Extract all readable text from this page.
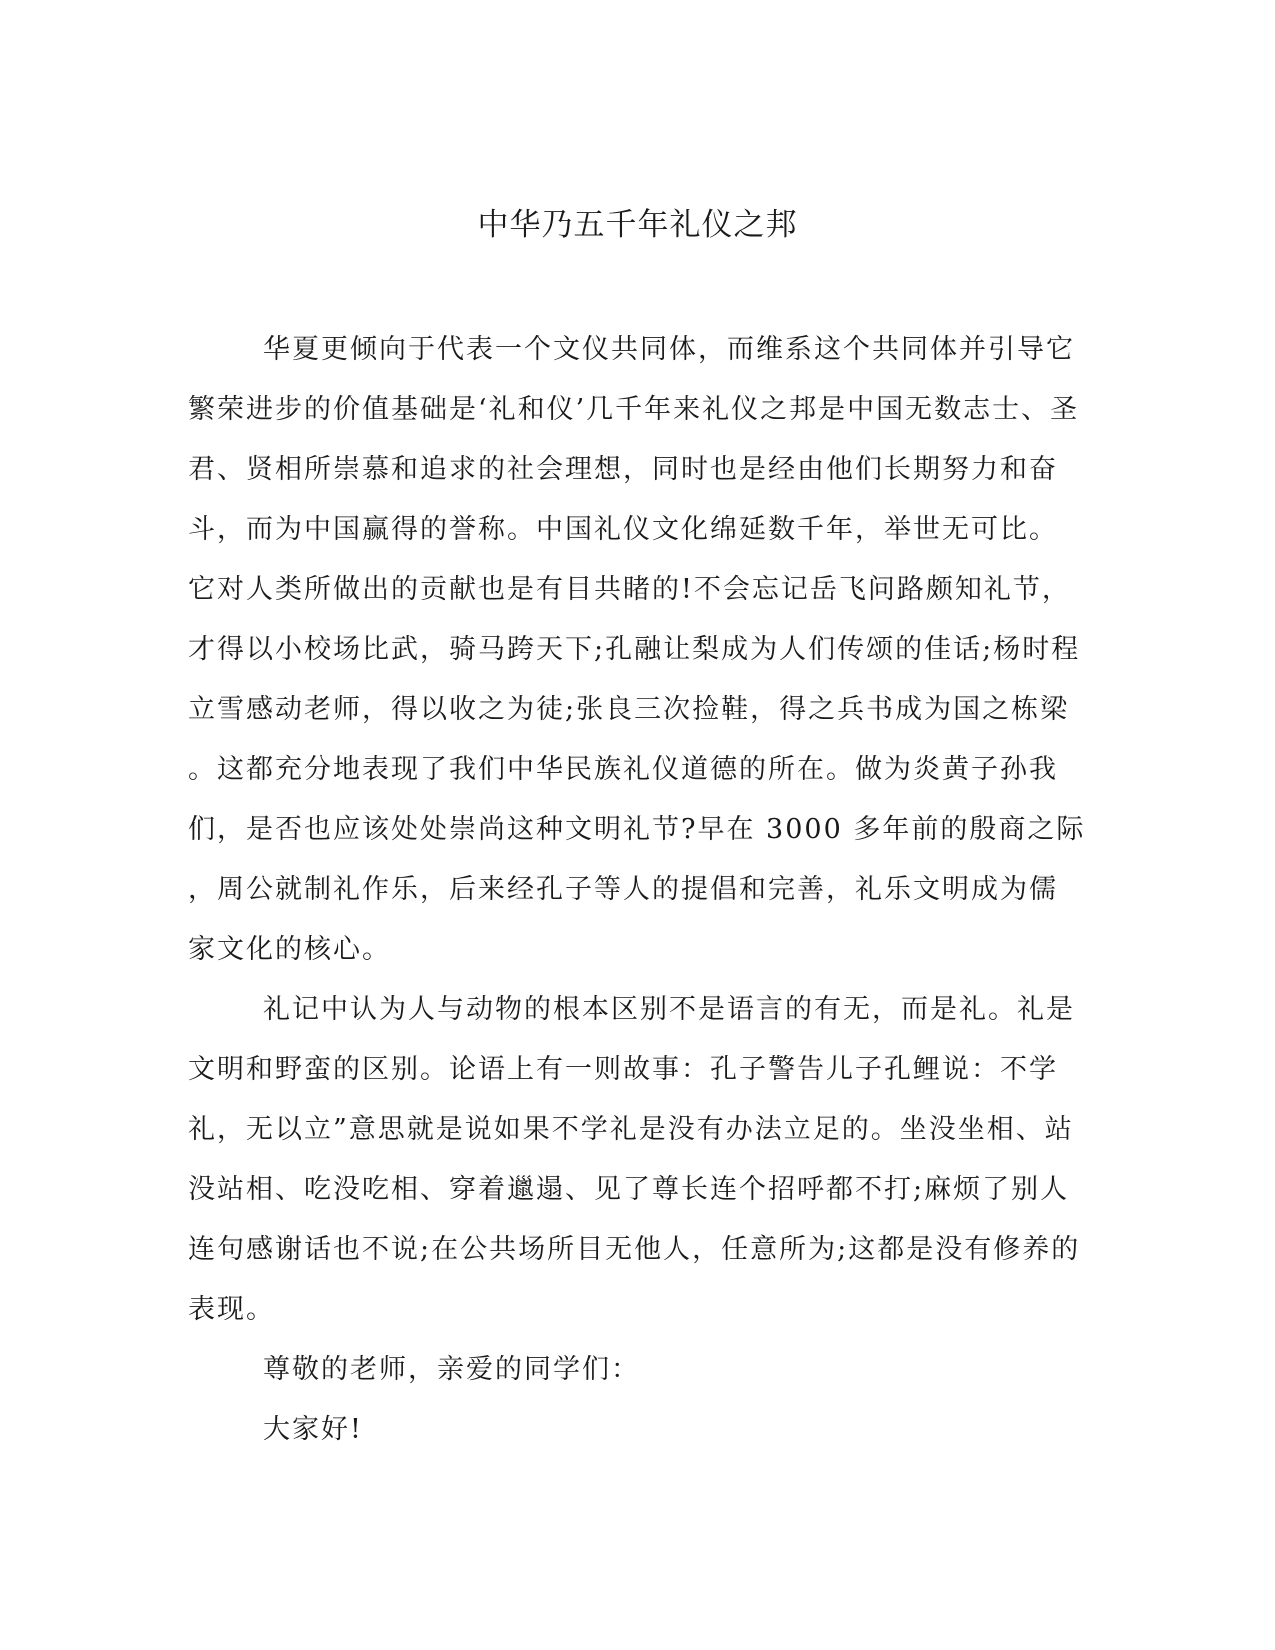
中华乃五千年礼仪之邦

华夏更倾向于代表一个文仪共同体，而维系这个共同体并引导它

繁荣进步的价值基础是‘礼和仪’几千年来礼仪之邦是中国无数志士、圣

君、贤相所崇慕和追求的社会理想，同时也是经由他们长期努力和奋

斗，而为中国赢得的誉称。中国礼仪文化绵延数千年，举世无可比。

它对人类所做出的贡献也是有目共睹的!不会忘记岳飞问路颇知礼节，

才得以小校场比武，骑马跨天下;孔融让梨成为人们传颂的佳话;杨时程

立雪感动老师，得以收之为徒;张良三次捡鞋，得之兵书成为国之栋梁

。这都充分地表现了我们中华民族礼仪道德的所在。做为炎黄子孙我

们，是否也应该处处崇尚这种文明礼节?早在 3000 多年前的殷商之际

，周公就制礼作乐，后来经孔子等人的提倡和完善，礼乐文明成为儒

家文化的核心。

礼记中认为人与动物的根本区别不是语言的有无，而是礼。礼是

文明和野蛮的区别。论语上有一则故事：孔子警告儿子孔鲤说：不学

礼，无以立”意思就是说如果不学礼是没有办法立足的。坐没坐相、站

没站相、吃没吃相、穿着邋遢、见了尊长连个招呼都不打;麻烦了别人

连句感谢话也不说;在公共场所目无他人，任意所为;这都是没有修养的

表现。

尊敬的老师，亲爱的同学们：

大家好!
